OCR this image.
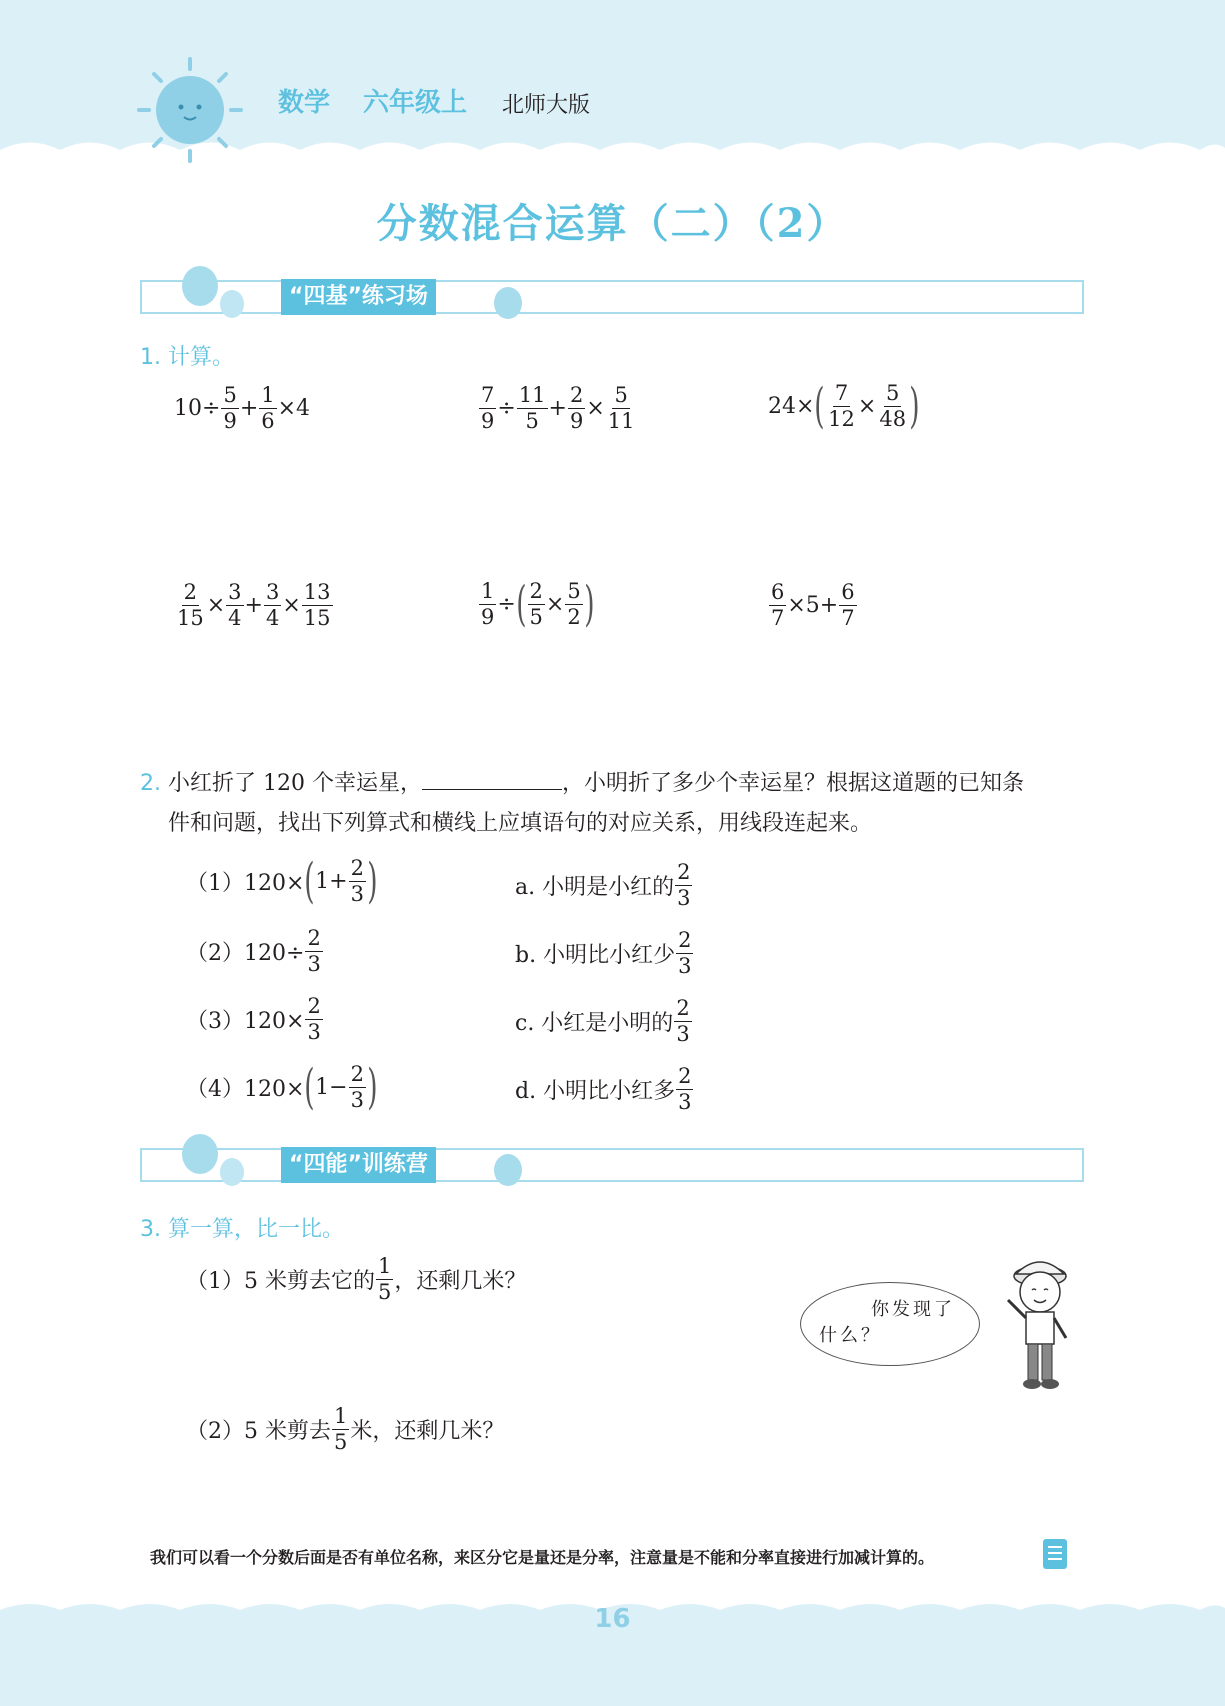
数学 六年级上 北师大版
分数混合运算（二）（2）
“四基”练习场
1. 计算。
$10 \div \frac{5}{9} + \frac{1}{6} \times 4$	$\frac{7}{9} \div \frac{11}{5} + \frac{2}{9} \times \frac{5}{11}$	24 × ( $\frac{7}{12} \times \frac{5}{48}$ )
$\frac{2}{15} \times \frac{3}{4} + \frac{3}{4} \times \frac{13}{15}$	$\frac{1}{9}$ ÷ ( $\frac{2}{5} \times \frac{5}{2}$ )	$\frac{6}{7} \times 5+ \frac{6}{7}$
2. 小红折了 120 个幸运星，	，小明折了多少个幸运星？根据这道题的已知条
件和问题，找出下列算式和横线上应填语句的对应关系，用线段连起来。
（1）120× ( $1+ \frac{2}{3}$ )
$(2)120\div \frac{2}{3}$
$(3)120\times \frac{2}{3}$
（4）120× ( $1- \frac{2}{3}$ )
a. 小明是小红的 $\frac{2}{3}$
b. 小明比小红少 $\frac{2}{3}$
c. 小红是小明的 $\frac{2}{3}$
d. 小明比小红多 $\frac{2}{3}$
“四能”训练营
3. 算一算，比一比。
（1）5 米剪去它的 $\frac{1}{5}$ ，还剩几米？
（2）5 米剪去 $\frac{1}{5}$ 米，还剩几米？
你发现了
什么？
我们可以看一个分数后面是否有单位名称，来区分它是量还是分率，注意量是不能和分率直接进行加减计算的。
16
